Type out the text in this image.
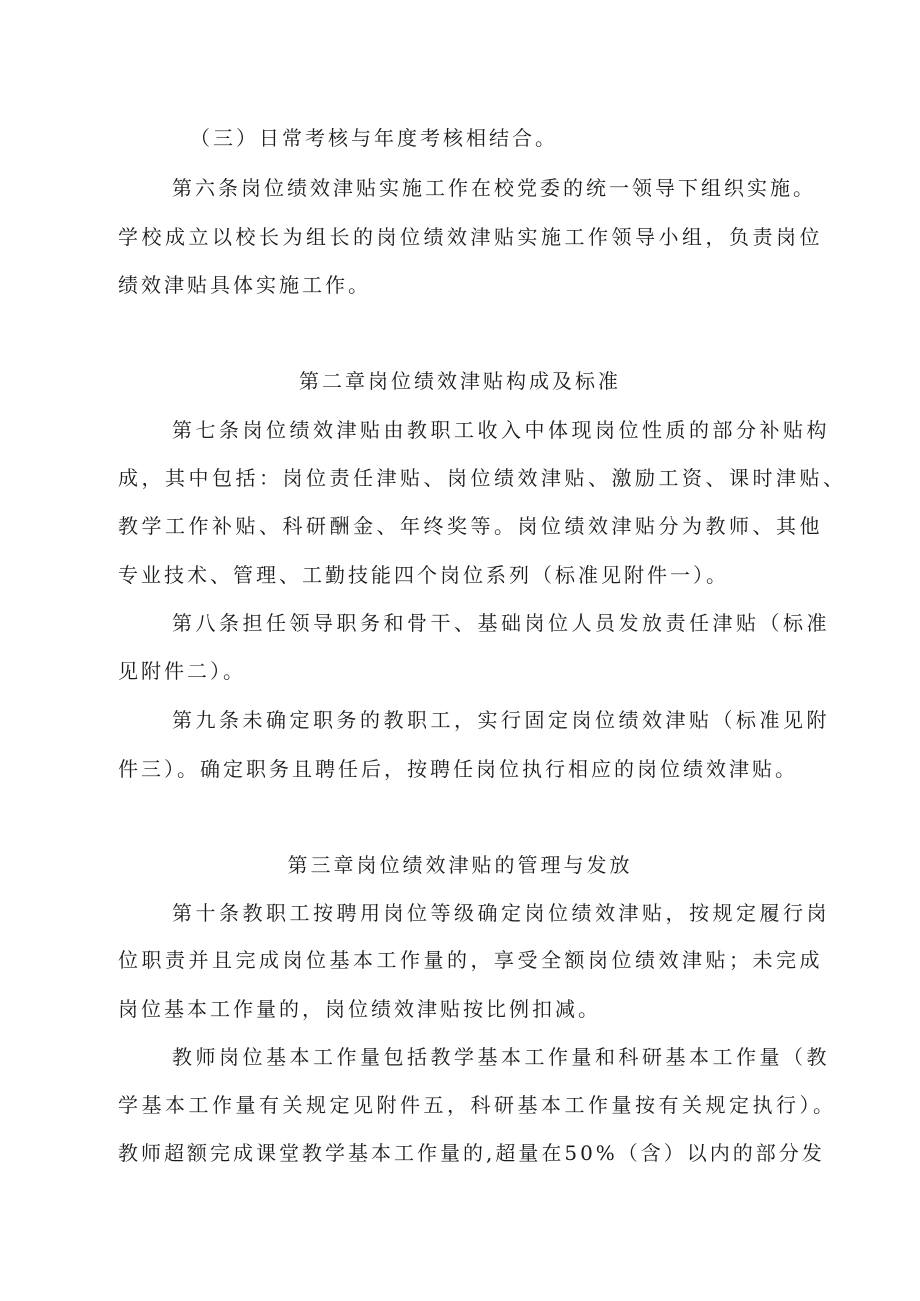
（三）日常考核与年度考核相结合。
第六条岗位绩效津贴实施工作在校党委的统一领导下组织实施。
学校成立以校长为组长的岗位绩效津贴实施工作领导小组，负责岗位
绩效津贴具体实施工作。
第二章岗位绩效津贴构成及标准
第七条岗位绩效津贴由教职工收入中体现岗位性质的部分补贴构
成，其中包括：岗位责任津贴、岗位绩效津贴、激励工资、课时津贴、
教学工作补贴、科研酬金、年终奖等。岗位绩效津贴分为教师、其他
专业技术、管理、工勤技能四个岗位系列（标准见附件一）。
第八条担任领导职务和骨干、基础岗位人员发放责任津贴（标准
见附件二）。
第九条未确定职务的教职工，实行固定岗位绩效津贴（标准见附
件三）。确定职务且聘任后，按聘任岗位执行相应的岗位绩效津贴。
第三章岗位绩效津贴的管理与发放
第十条教职工按聘用岗位等级确定岗位绩效津贴，按规定履行岗
位职责并且完成岗位基本工作量的，享受全额岗位绩效津贴；未完成
岗位基本工作量的，岗位绩效津贴按比例扣减。
教师岗位基本工作量包括教学基本工作量和科研基本工作量（教
学基本工作量有关规定见附件五，科研基本工作量按有关规定执行）。
教师超额完成课堂教学基本工作量的,超量在50%（含）以内的部分发
